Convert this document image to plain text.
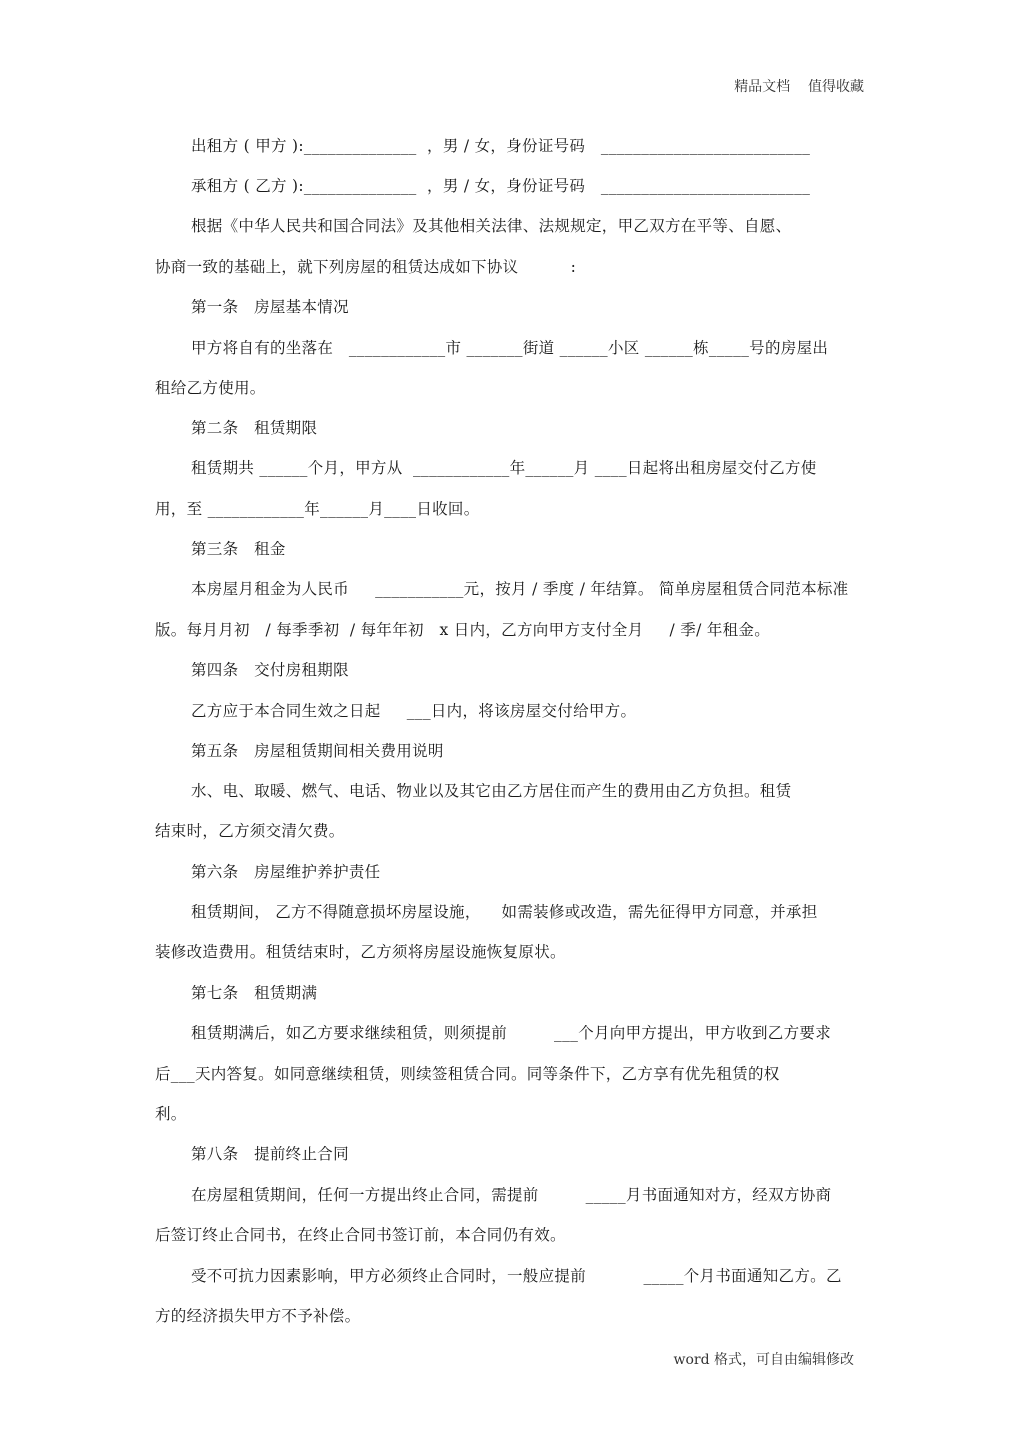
精品文档    值得收藏
出租方 ( 甲方 ):______________  ，男 / 女，身份证号码   __________________________
承租方 ( 乙方 ):______________  ，男 / 女，身份证号码   __________________________
根据《中华人民共和国合同法》及其他相关法律、法规规定，甲乙双方在平等、自愿、
协商一致的基础上，就下列房屋的租赁达成如下协议          :
第一条   房屋基本情况
甲方将自有的坐落在   ____________市 _______街道 ______小区 ______栋_____号的房屋出
租给乙方使用。
第二条   租赁期限
租赁期共 ______个月，甲方从  ____________年______月 ____日起将出租房屋交付乙方使
用，至 ____________年______月____日收回。
第三条   租金
本房屋月租金为人民币     ___________元，按月 / 季度 / 年结算。 简单房屋租赁合同范本标准
版。每月月初   / 每季季初  / 每年年初   x 日内，乙方向甲方支付全月     / 季/ 年租金。
第四条   交付房租期限
乙方应于本合同生效之日起     ___日内，将该房屋交付给甲方。
第五条   房屋租赁期间相关费用说明
水、电、取暖、燃气、电话、物业以及其它由乙方居住而产生的费用由乙方负担。租赁
结束时，乙方须交清欠费。
第六条   房屋维护养护责任
租赁期间， 乙方不得随意损坏房屋设施，    如需装修或改造，需先征得甲方同意，并承担
装修改造费用。租赁结束时，乙方须将房屋设施恢复原状。
第七条   租赁期满
租赁期满后，如乙方要求继续租赁，则须提前         ___个月向甲方提出，甲方收到乙方要求
后___天内答复。如同意继续租赁，则续签租赁合同。同等条件下，乙方享有优先租赁的权
利。
第八条   提前终止合同
在房屋租赁期间，任何一方提出终止合同，需提前         _____月书面通知对方，经双方协商
后签订终止合同书，在终止合同书签订前，本合同仍有效。
受不可抗力因素影响，甲方必须终止合同时，一般应提前           _____个月书面通知乙方。乙
方的经济损失甲方不予补偿。
word 格式，可自由编辑修改
